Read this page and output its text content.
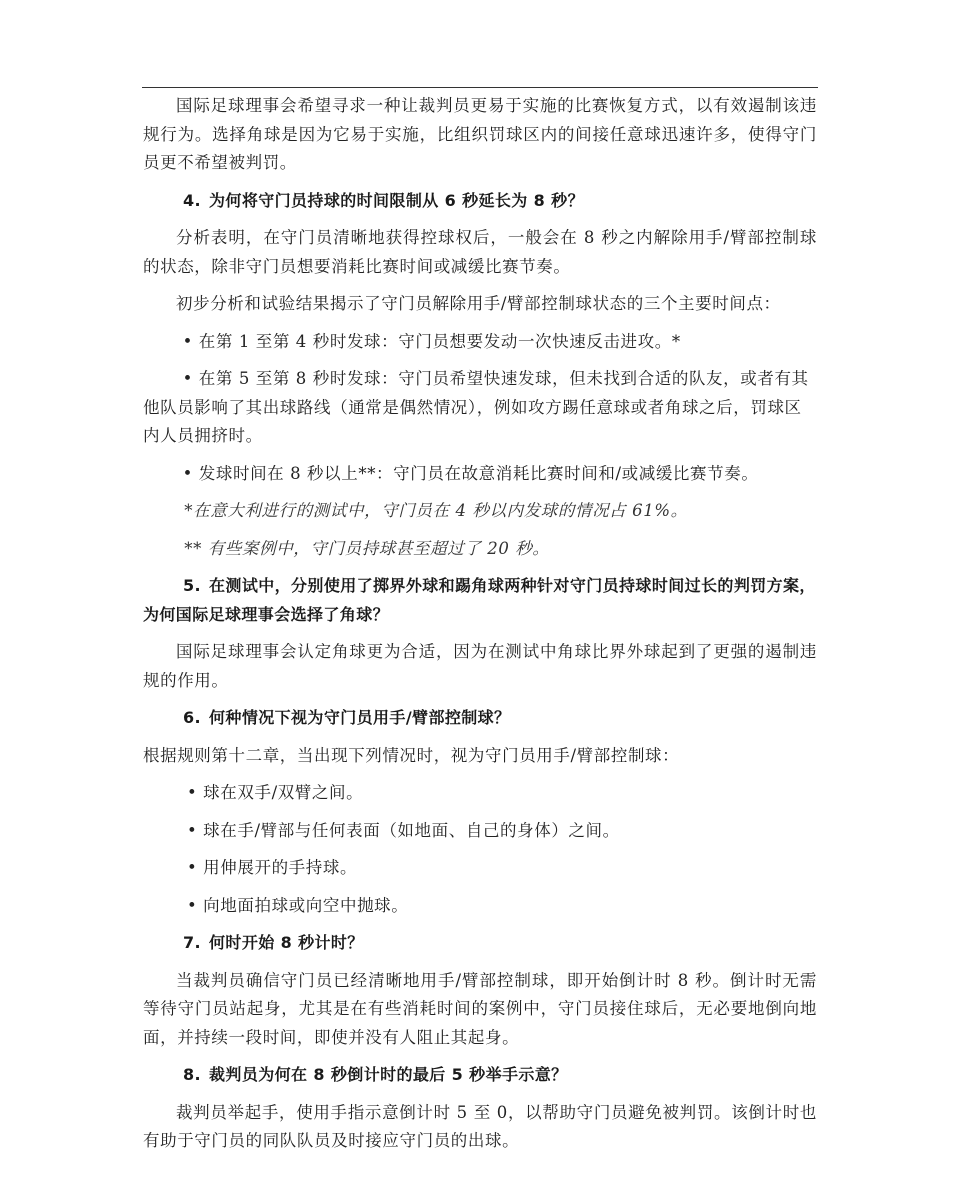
国际足球理事会希望寻求一种让裁判员更易于实施的比赛恢复方式，以有效遏制该违规行为。选择角球是因为它易于实施，比组织罚球区内的间接任意球迅速许多，使得守门员更不希望被判罚。

4. 为何将守门员持球的时间限制从 6 秒延长为 8 秒？

分析表明，在守门员清晰地获得控球权后，一般会在 8 秒之内解除用手/臂部控制球的状态，除非守门员想要消耗比赛时间或减缓比赛节奏。

初步分析和试验结果揭示了守门员解除用手/臂部控制球状态的三个主要时间点：

• 在第 1 至第 4 秒时发球：守门员想要发动一次快速反击进攻。*

• 在第 5 至第 8 秒时发球：守门员希望快速发球，但未找到合适的队友，或者有其他队员影响了其出球路线（通常是偶然情况），例如攻方踢任意球或者角球之后，罚球区内人员拥挤时。

• 发球时间在 8 秒以上**：守门员在故意消耗比赛时间和/或减缓比赛节奏。

*在意大利进行的测试中，守门员在 4 秒以内发球的情况占 61%。

** 有些案例中，守门员持球甚至超过了 20 秒。

5. 在测试中，分别使用了掷界外球和踢角球两种针对守门员持球时间过长的判罚方案，为何国际足球理事会选择了角球？

国际足球理事会认定角球更为合适，因为在测试中角球比界外球起到了更强的遏制违规的作用。

6. 何种情况下视为守门员用手/臂部控制球？

根据规则第十二章，当出现下列情况时，视为守门员用手/臂部控制球：

• 球在双手/双臂之间。

• 球在手/臂部与任何表面（如地面、自己的身体）之间。

• 用伸展开的手持球。

• 向地面拍球或向空中抛球。

7. 何时开始 8 秒计时？

当裁判员确信守门员已经清晰地用手/臂部控制球，即开始倒计时 8 秒。倒计时无需等待守门员站起身，尤其是在有些消耗时间的案例中，守门员接住球后，无必要地倒向地面，并持续一段时间，即使并没有人阻止其起身。

8. 裁判员为何在 8 秒倒计时的最后 5 秒举手示意？

裁判员举起手，使用手指示意倒计时 5 至 0，以帮助守门员避免被判罚。该倒计时也有助于守门员的同队队员及时接应守门员的出球。
